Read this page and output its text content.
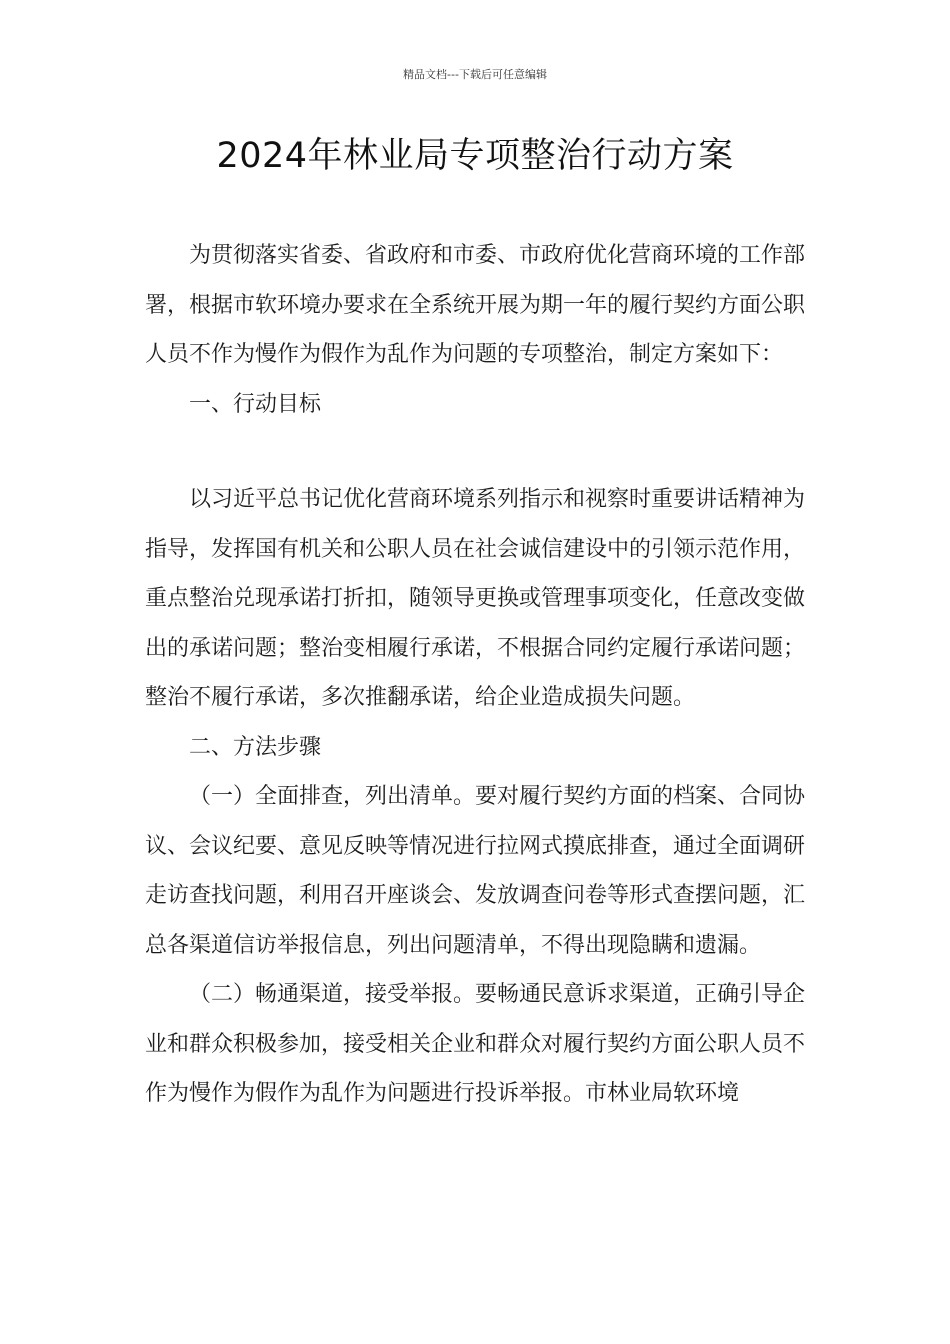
精品文档---下载后可任意编辑
2024年林业局专项整治行动方案

为贯彻落实省委、省政府和市委、市政府优化营商环境的工作部署，根据市软环境办要求在全系统开展为期一年的履行契约方面公职人员不作为慢作为假作为乱作为问题的专项整治，制定方案如下：

一、行动目标

以习近平总书记优化营商环境系列指示和视察时重要讲话精神为指导，发挥国有机关和公职人员在社会诚信建设中的引领示范作用，重点整治兑现承诺打折扣，随领导更换或管理事项变化，任意改变做出的承诺问题；整治变相履行承诺，不根据合同约定履行承诺问题；整治不履行承诺，多次推翻承诺，给企业造成损失问题。

二、方法步骤

（一）全面排查，列出清单。要对履行契约方面的档案、合同协议、会议纪要、意见反映等情况进行拉网式摸底排查，通过全面调研走访查找问题，利用召开座谈会、发放调查问卷等形式查摆问题，汇总各渠道信访举报信息，列出问题清单，不得出现隐瞒和遗漏。

（二）畅通渠道，接受举报。要畅通民意诉求渠道，正确引导企业和群众积极参加，接受相关企业和群众对履行契约方面公职人员不作为慢作为假作为乱作为问题进行投诉举报。市林业局软环境
